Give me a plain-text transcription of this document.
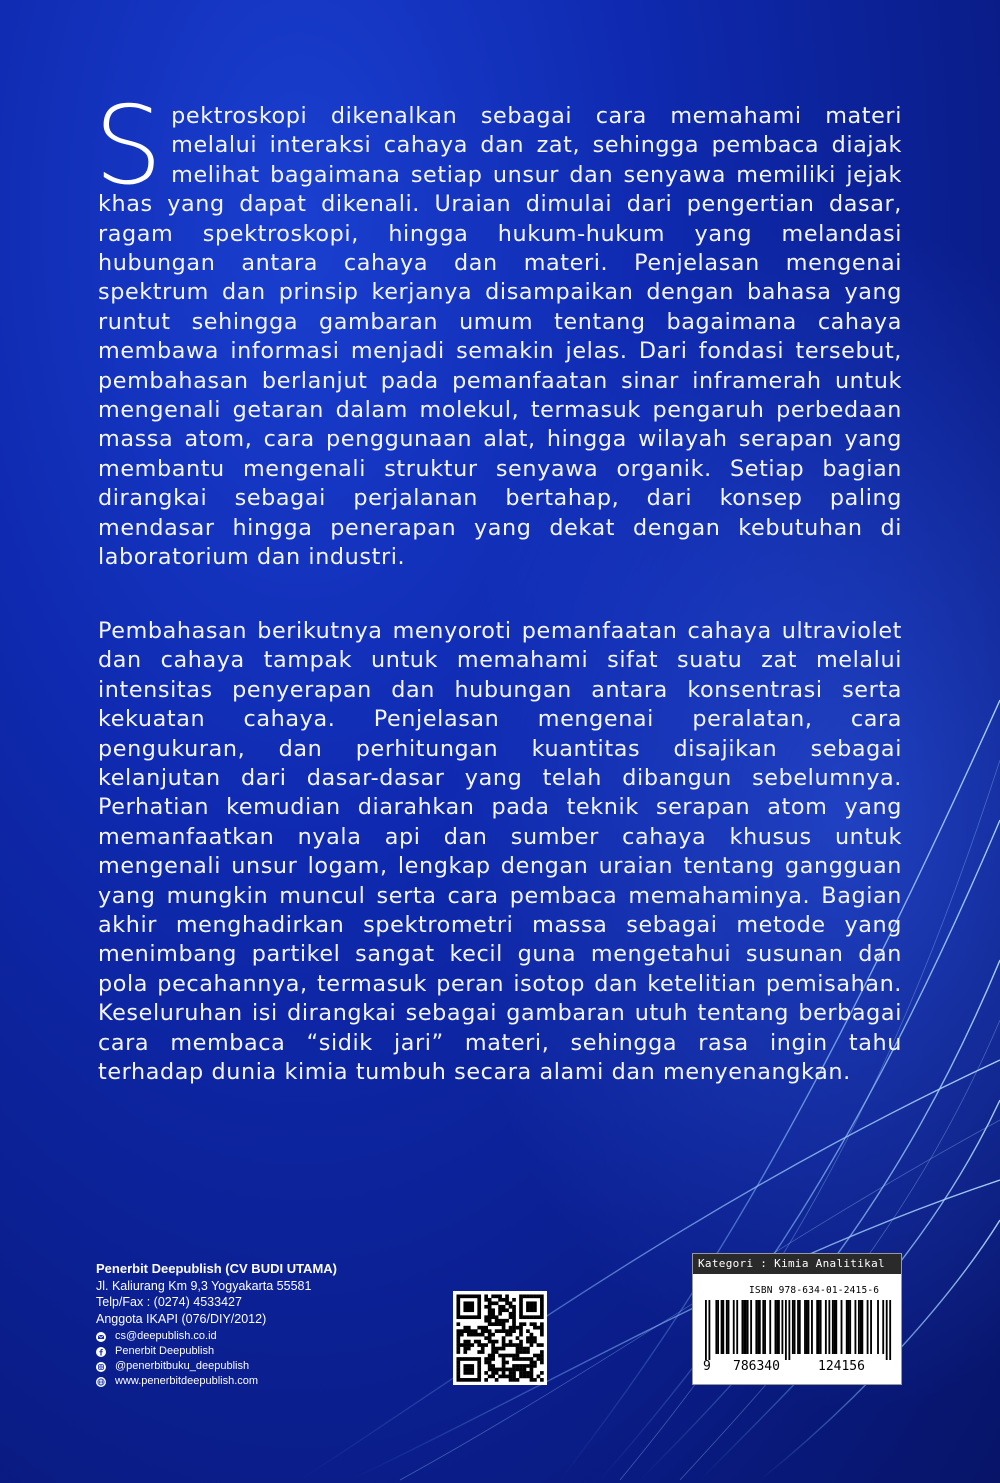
Spektroskopi dikenalkan sebagai cara memahami materi melalui interaksi cahaya dan zat, sehingga pembaca diajak melihat bagaimana setiap unsur dan senyawa memiliki jejak khas yang dapat dikenali. Uraian dimulai dari pengertian dasar, ragam spektroskopi, hingga hukum-hukum yang melandasi hubungan antara cahaya dan materi. Penjelasan mengenai spektrum dan prinsip kerjanya disampaikan dengan bahasa yang runtut sehingga gambaran umum tentang bagaimana cahaya membawa informasi menjadi semakin jelas. Dari fondasi tersebut, pembahasan berlanjut pada pemanfaatan sinar inframerah untuk mengenali getaran dalam molekul, termasuk pengaruh perbedaan massa atom, cara penggunaan alat, hingga wilayah serapan yang membantu mengenali struktur senyawa organik. Setiap bagian dirangkai sebagai perjalanan bertahap, dari konsep paling mendasar hingga penerapan yang dekat dengan kebutuhan di laboratorium dan industri.
Pembahasan berikutnya menyoroti pemanfaatan cahaya ultraviolet dan cahaya tampak untuk memahami sifat suatu zat melalui intensitas penyerapan dan hubungan antara konsentrasi serta kekuatan cahaya. Penjelasan mengenai peralatan, cara pengukuran, dan perhitungan kuantitas disajikan sebagai kelanjutan dari dasar-dasar yang telah dibangun sebelumnya. Perhatian kemudian diarahkan pada teknik serapan atom yang memanfaatkan nyala api dan sumber cahaya khusus untuk mengenali unsur logam, lengkap dengan uraian tentang gangguan yang mungkin muncul serta cara pembaca memahaminya. Bagian akhir menghadirkan spektrometri massa sebagai metode yang menimbang partikel sangat kecil guna mengetahui susunan dan pola pecahannya, termasuk peran isotop dan ketelitian pemisahan. Keseluruhan isi dirangkai sebagai gambaran utuh tentang berbagai cara membaca “sidik jari” materi, sehingga rasa ingin tahu terhadap dunia kimia tumbuh secara alami dan menyenangkan.
Penerbit Deepublish (CV BUDI UTAMA)
Jl. Kaliurang Km 9,3 Yogyakarta 55581
Telp/Fax : (0274) 4533427
Anggota IKAPI (076/DIY/2012)
cs@deepublish.co.id
Penerbit Deepublish
@penerbitbuku_deepublish
www.penerbitdeepublish.com
Kategori : Kimia Analitikal
ISBN 978-634-01-2415-6
9 786340	124156
